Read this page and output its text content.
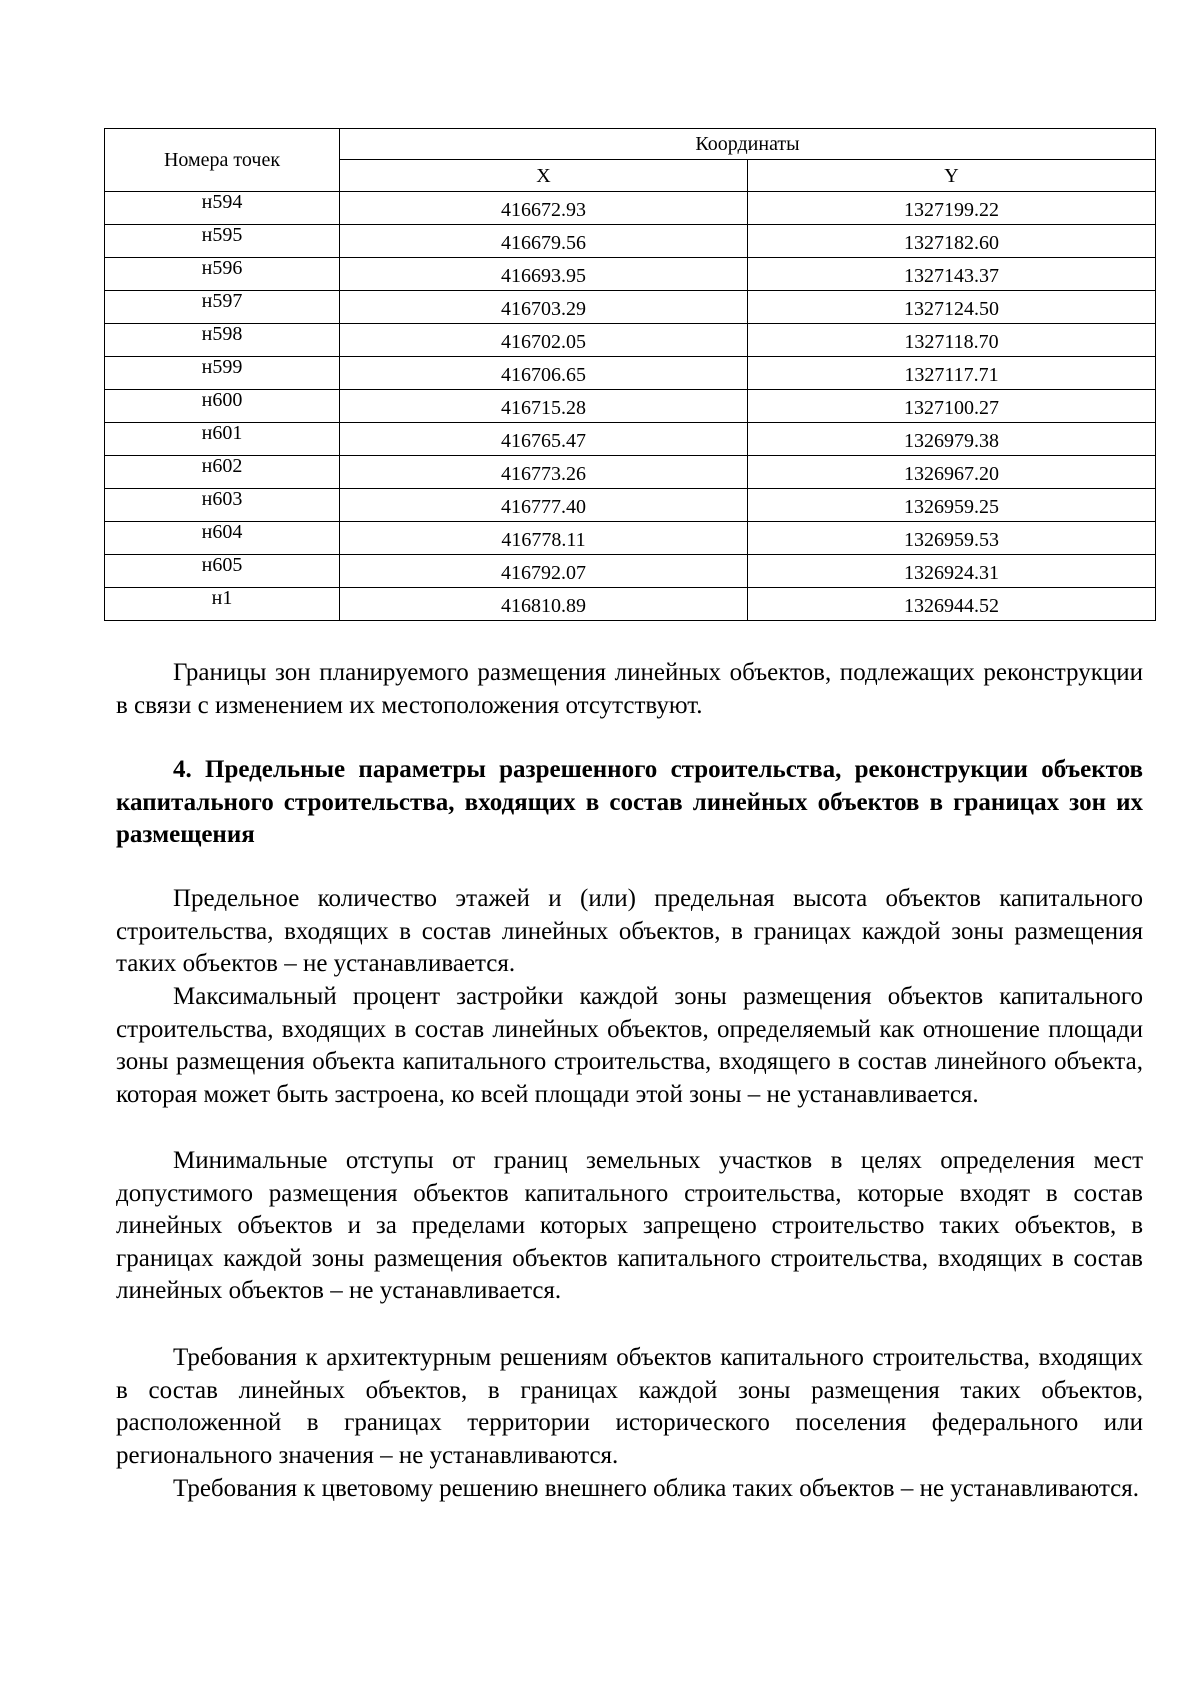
Номера точек	Координаты	
	X	Y
н594	416672.93	1327199.22
н595	416679.56	1327182.60
н596	416693.95	1327143.37
н597	416703.29	1327124.50
н598	416702.05	1327118.70
н599	416706.65	1327117.71
н600	416715.28	1327100.27
н601	416765.47	1326979.38
н602	416773.26	1326967.20
н603	416777.40	1326959.25
н604	416778.11	1326959.53
н605	416792.07	1326924.31
н1	416810.89	1326944.52

Границы зон планируемого размещения линейных объектов, подлежащих реконструкции в связи с изменением их местоположения отсутствуют.

4. Предельные параметры разрешенного строительства, реконструкции объектов капитального строительства, входящих в состав линейных объектов в границах зон их размещения

Предельное количество этажей и (или) предельная высота объектов капитального строительства, входящих в состав линейных объектов, в границах каждой зоны размещения таких объектов – не устанавливается.

Максимальный процент застройки каждой зоны размещения объектов капитального строительства, входящих в состав линейных объектов, определяемый как отношение площади зоны размещения объекта капитального строительства, входящего в состав линейного объекта, которая может быть застроена, ко всей площади этой зоны – не устанавливается.

Минимальные отступы от границ земельных участков в целях определения мест допустимого размещения объектов капитального строительства, которые входят в состав линейных объектов и за пределами которых запрещено строительство таких объектов, в границах каждой зоны размещения объектов капитального строительства, входящих в состав линейных объектов – не устанавливается.

Требования к архитектурным решениям объектов капитального строительства, входящих в состав линейных объектов, в границах каждой зоны размещения таких объектов, расположенной в границах территории исторического поселения федерального или регионального значения – не устанавливаются.

Требования к цветовому решению внешнего облика таких объектов – не устанавливаются.
